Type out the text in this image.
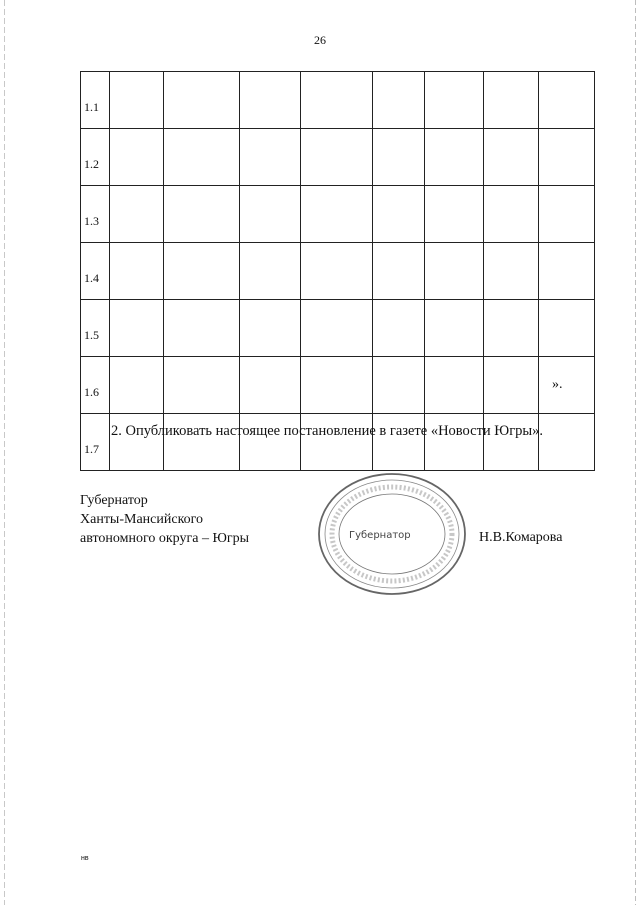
26
1.1								
1.2								
1.3								
1.4								
1.5								
1.6								
1.7								
».
2. Опубликовать настоящее постановление в газете «Новости Югры».
Губернатор
Ханты-Мансийского
автономного округа – Югры	Губернатор	Н.В.Комарова
нв
